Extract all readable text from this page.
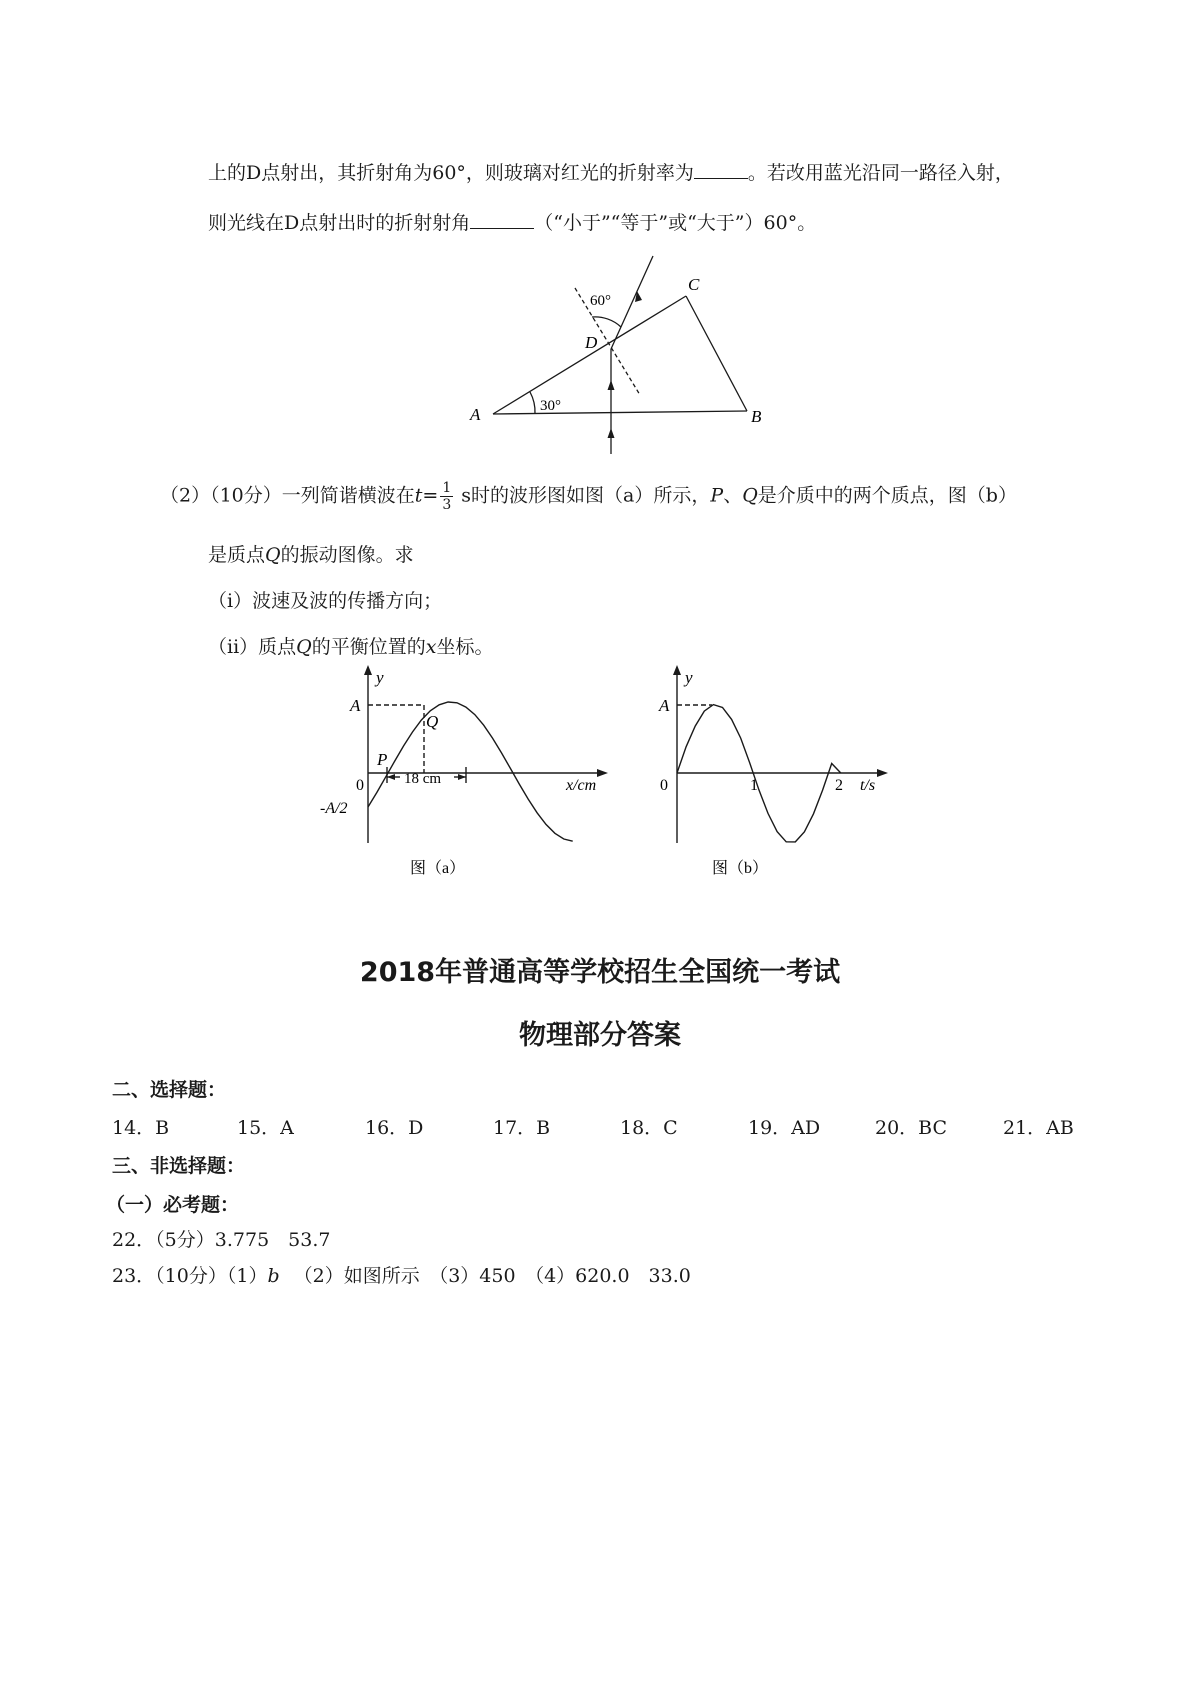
上的D点射出，其折射角为60°，则玻璃对红光的折射率为	。若改用蓝光沿同一路径入射，
则光线在D点射出时的折射射角	（“小于”“等于”或“大于”）60°。
A	B
C
D
30°
60°
（2）（10分）一列简谐横波在$t= \frac{1}{3}$ s时的波形图如图（a）所示，P、Q是介质中的两个质点，图（b）
是质点Q的振动图像。求
（i）波速及波的传播方向；
（ii）质点Q的平衡位置的x坐标。
y
A
Q
P
0
-A/2
18 cm	x/cm
图（a）
y
A
0	1	2 t/s
图（b）
2018年普通高等学校招生全国统一考试
物理部分答案
二、选择题：
14．B	15．A	16．D	17．B	18．C	19．AD	20．BC	21．AB
三、非选择题：
（一）必考题：
22．（5分）3.775　53.7
23．（10分）（1）b （2）如图所示　（3）450　（4）620.0　33.0
